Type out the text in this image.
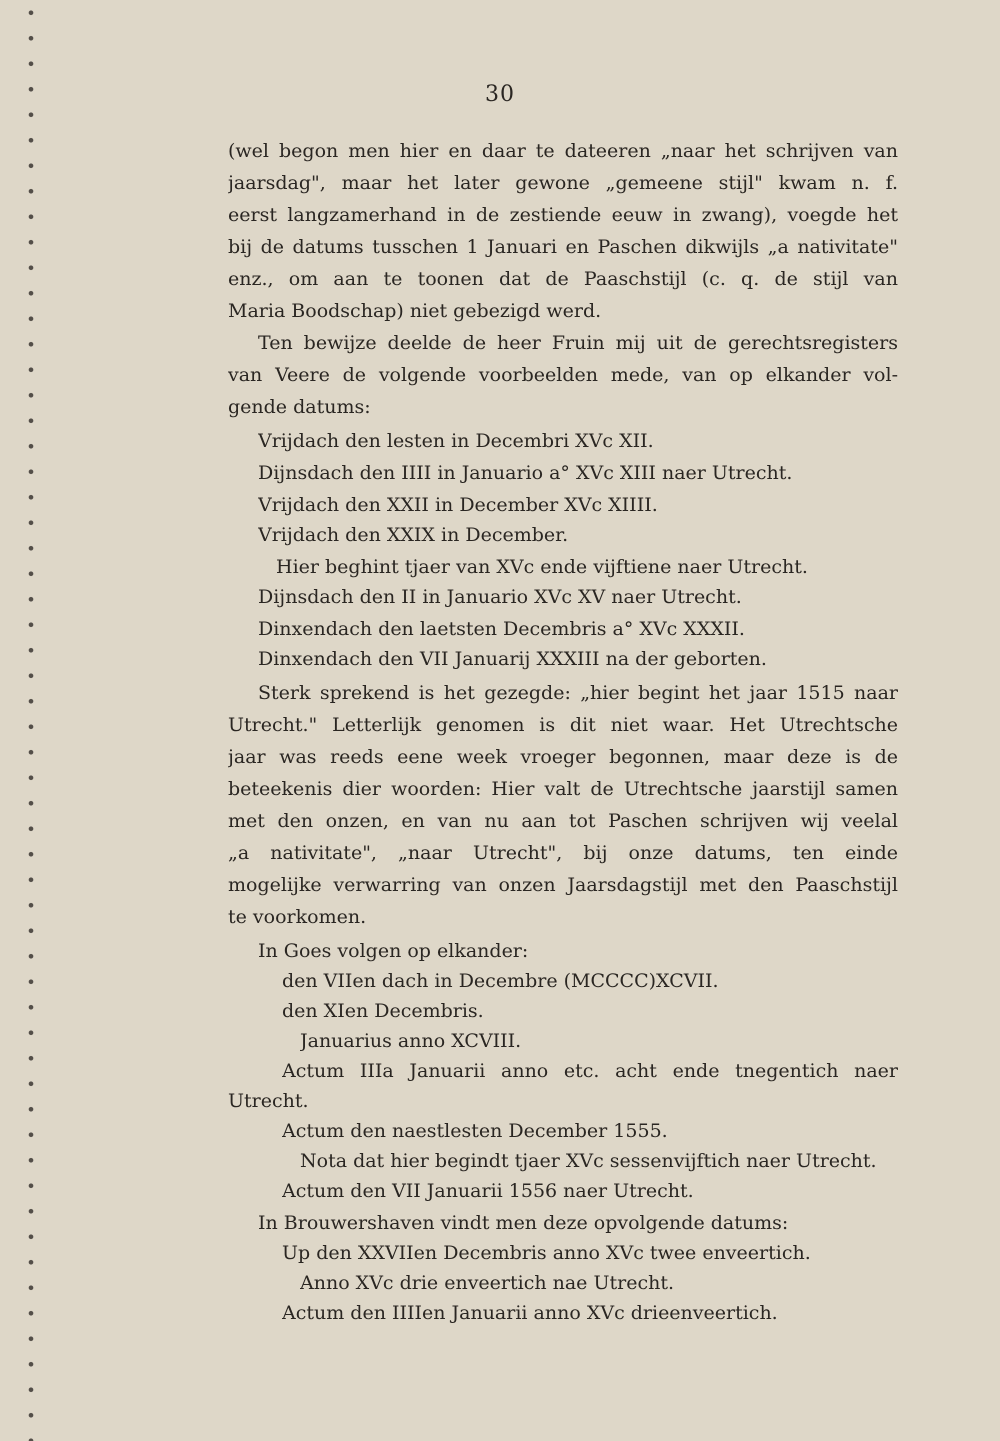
30
(wel begon men hier en daar te dateeren „naar het schrijven van
jaarsdag", maar het later gewone „gemeene stijl" kwam n. f.
eerst langzamerhand in de zestiende eeuw in zwang), voegde het
bij de datums tusschen 1 Januari en Paschen dikwijls „a nativitate"
enz., om aan te toonen dat de Paaschstijl (c. q. de stijl van
Maria Boodschap) niet gebezigd werd.
Ten bewijze deelde de heer Fruin mij uit de gerechtsregisters
van Veere de volgende voorbeelden mede, van op elkander vol-
gende datums:
Vrijdach den lesten in Decembri XVc XII.
Dijnsdach den IIII in Januario a° XVc XIII naer Utrecht.
Vrijdach den XXII in December XVc XIIII.
Vrijdach den XXIX in December.
Hier beghint tjaer van XVc ende vijftiene naer Utrecht.
Dijnsdach den II in Januario XVc XV naer Utrecht.
Dinxendach den laetsten Decembris a° XVc XXXII.
Dinxendach den VII Januarij XXXIII na der geborten.
Sterk sprekend is het gezegde: „hier begint het jaar 1515 naar
Utrecht." Letterlijk genomen is dit niet waar. Het Utrechtsche
jaar was reeds eene week vroeger begonnen, maar deze is de
beteekenis dier woorden: Hier valt de Utrechtsche jaarstijl samen
met den onzen, en van nu aan tot Paschen schrijven wij veelal
„a nativitate", „naar Utrecht", bij onze datums, ten einde
mogelijke verwarring van onzen Jaarsdagstijl met den Paaschstijl
te voorkomen.
In Goes volgen op elkander:
den VIIen dach in Decembre (MCCCC)XCVII.
den XIen Decembris.
Januarius anno XCVIII.
Actum IIIa Januarii anno etc. acht ende tnegentich naer
Utrecht.
Actum den naestlesten December 1555.
Nota dat hier begindt tjaer XVc sessenvijftich naer Utrecht.
Actum den VII Januarii 1556 naer Utrecht.
In Brouwershaven vindt men deze opvolgende datums:
Up den XXVIIen Decembris anno XVc twee enveertich.
Anno XVc drie enveertich nae Utrecht.
Actum den IIIIen Januarii anno XVc drieenveertich.
